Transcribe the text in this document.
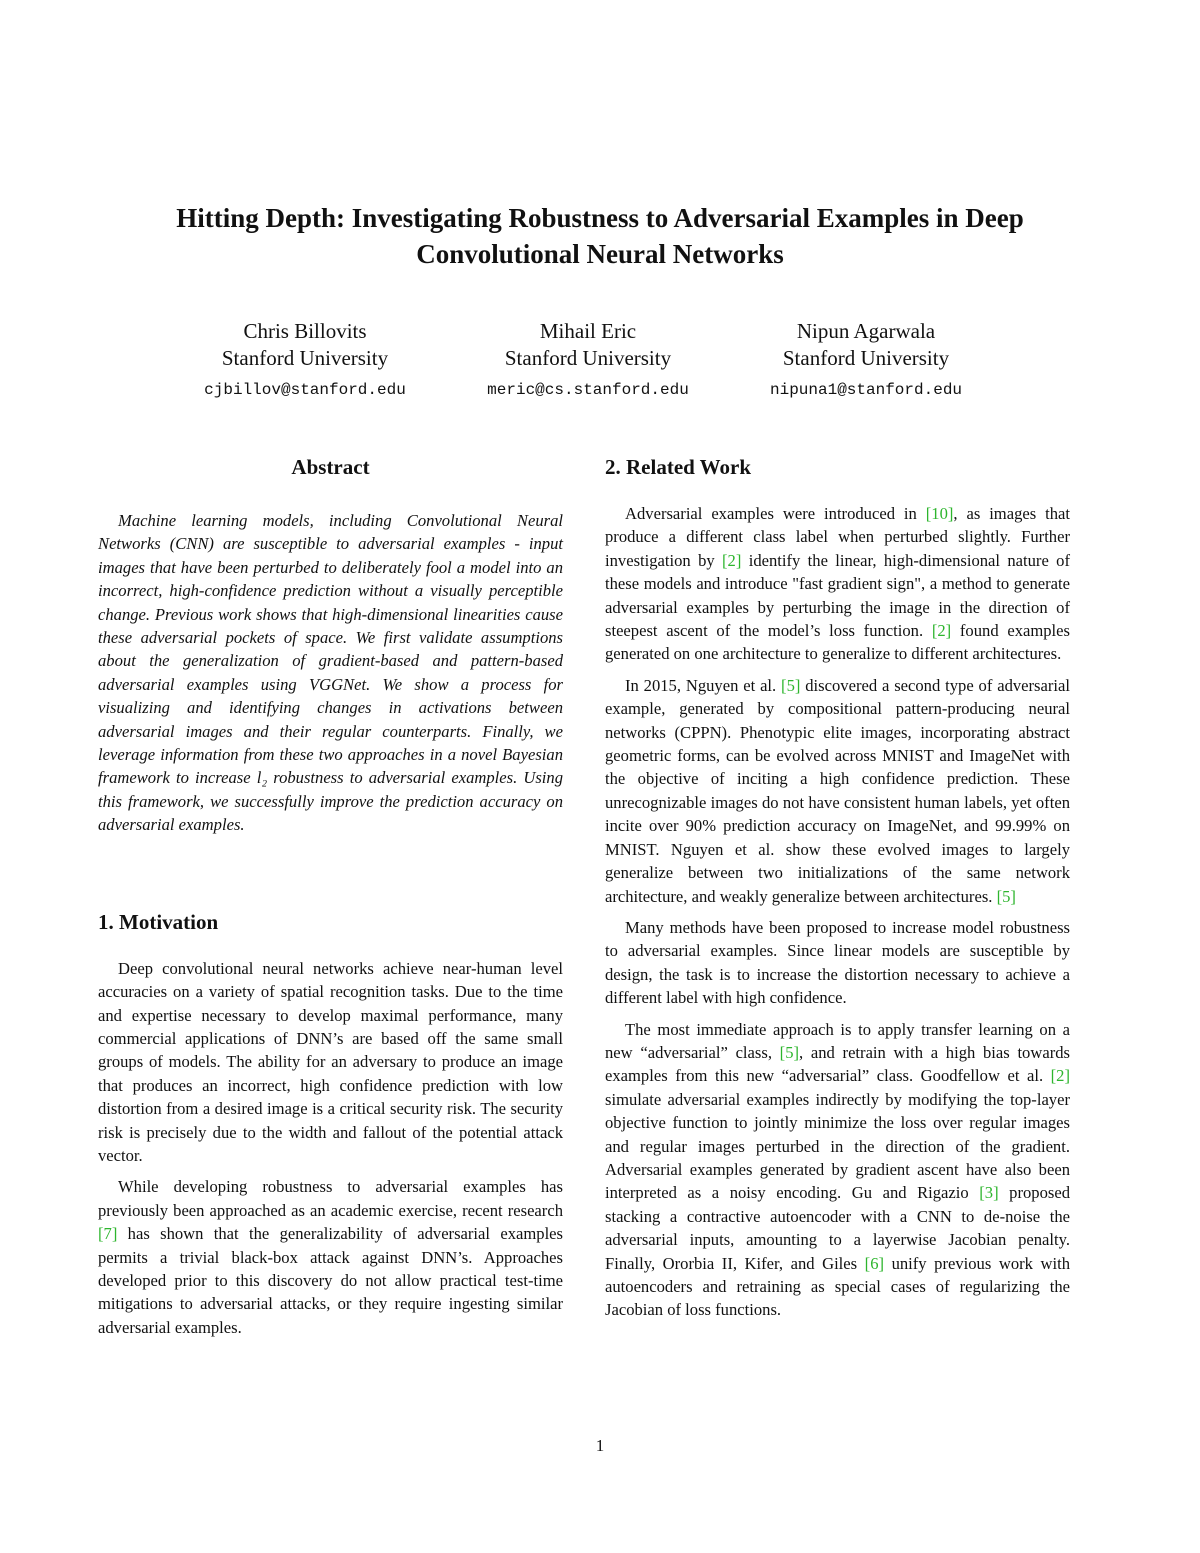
Hitting Depth: Investigating Robustness to Adversarial Examples in Deep Convolutional Neural Networks
Chris Billovits
Stanford University
cjbillov@stanford.edu
Mihail Eric
Stanford University
meric@cs.stanford.edu
Nipun Agarwala
Stanford University
nipuna1@stanford.edu
Abstract

Machine learning models, including Convolutional Neural Networks (CNN) are susceptible to adversarial examples - input images that have been perturbed to deliberately fool a model into an incorrect, high-confidence prediction without a visually perceptible change. Previous work shows that high-dimensional linearities cause these adversarial pockets of space. We first validate assumptions about the generalization of gradient-based and pattern-based adversarial examples using VGGNet. We show a process for visualizing and identifying changes in activations between adversarial images and their regular counterparts. Finally, we leverage information from these two approaches in a novel Bayesian framework to increase l₂ robustness to adversarial examples. Using this framework, we successfully improve the prediction accuracy on adversarial examples.

1. Motivation

Deep convolutional neural networks achieve near-human level accuracies on a variety of spatial recognition tasks. Due to the time and expertise necessary to develop maximal performance, many commercial applications of DNN’s are based off the same small groups of models. The ability for an adversary to produce an image that produces an incorrect, high confidence prediction with low distortion from a desired image is a critical security risk. The security risk is precisely due to the width and fallout of the potential attack vector.

While developing robustness to adversarial examples has previously been approached as an academic exercise, recent research [7] has shown that the generalizability of adversarial examples permits a trivial black-box attack against DNN’s. Approaches developed prior to this discovery do not allow practical test-time mitigations to adversarial attacks, or they require ingesting similar adversarial examples.

2. Related Work

Adversarial examples were introduced in [10], as images that produce a different class label when perturbed slightly. Further investigation by [2] identify the linear, high-dimensional nature of these models and introduce "fast gradient sign", a method to generate adversarial examples by perturbing the image in the direction of steepest ascent of the model’s loss function. [2] found examples generated on one architecture to generalize to different architectures.

In 2015, Nguyen et al. [5] discovered a second type of adversarial example, generated by compositional pattern-producing neural networks (CPPN). Phenotypic elite images, incorporating abstract geometric forms, can be evolved across MNIST and ImageNet with the objective of inciting a high confidence prediction. These unrecognizable images do not have consistent human labels, yet often incite over 90% prediction accuracy on ImageNet, and 99.99% on MNIST. Nguyen et al. show these evolved images to largely generalize between two initializations of the same network architecture, and weakly generalize between architectures. [5]

Many methods have been proposed to increase model robustness to adversarial examples. Since linear models are susceptible by design, the task is to increase the distortion necessary to achieve a different label with high confidence.

The most immediate approach is to apply transfer learning on a new “adversarial” class, [5], and retrain with a high bias towards examples from this new “adversarial” class. Goodfellow et al. [2] simulate adversarial examples indirectly by modifying the top-layer objective function to jointly minimize the loss over regular images and regular images perturbed in the direction of the gradient. Adversarial examples generated by gradient ascent have also been interpreted as a noisy encoding. Gu and Rigazio [3] proposed stacking a contractive autoencoder with a CNN to de-noise the adversarial inputs, amounting to a layerwise Jacobian penalty. Finally, Ororbia II, Kifer, and Giles [6] unify previous work with autoencoders and retraining as special cases of regularizing the Jacobian of loss functions.

1
